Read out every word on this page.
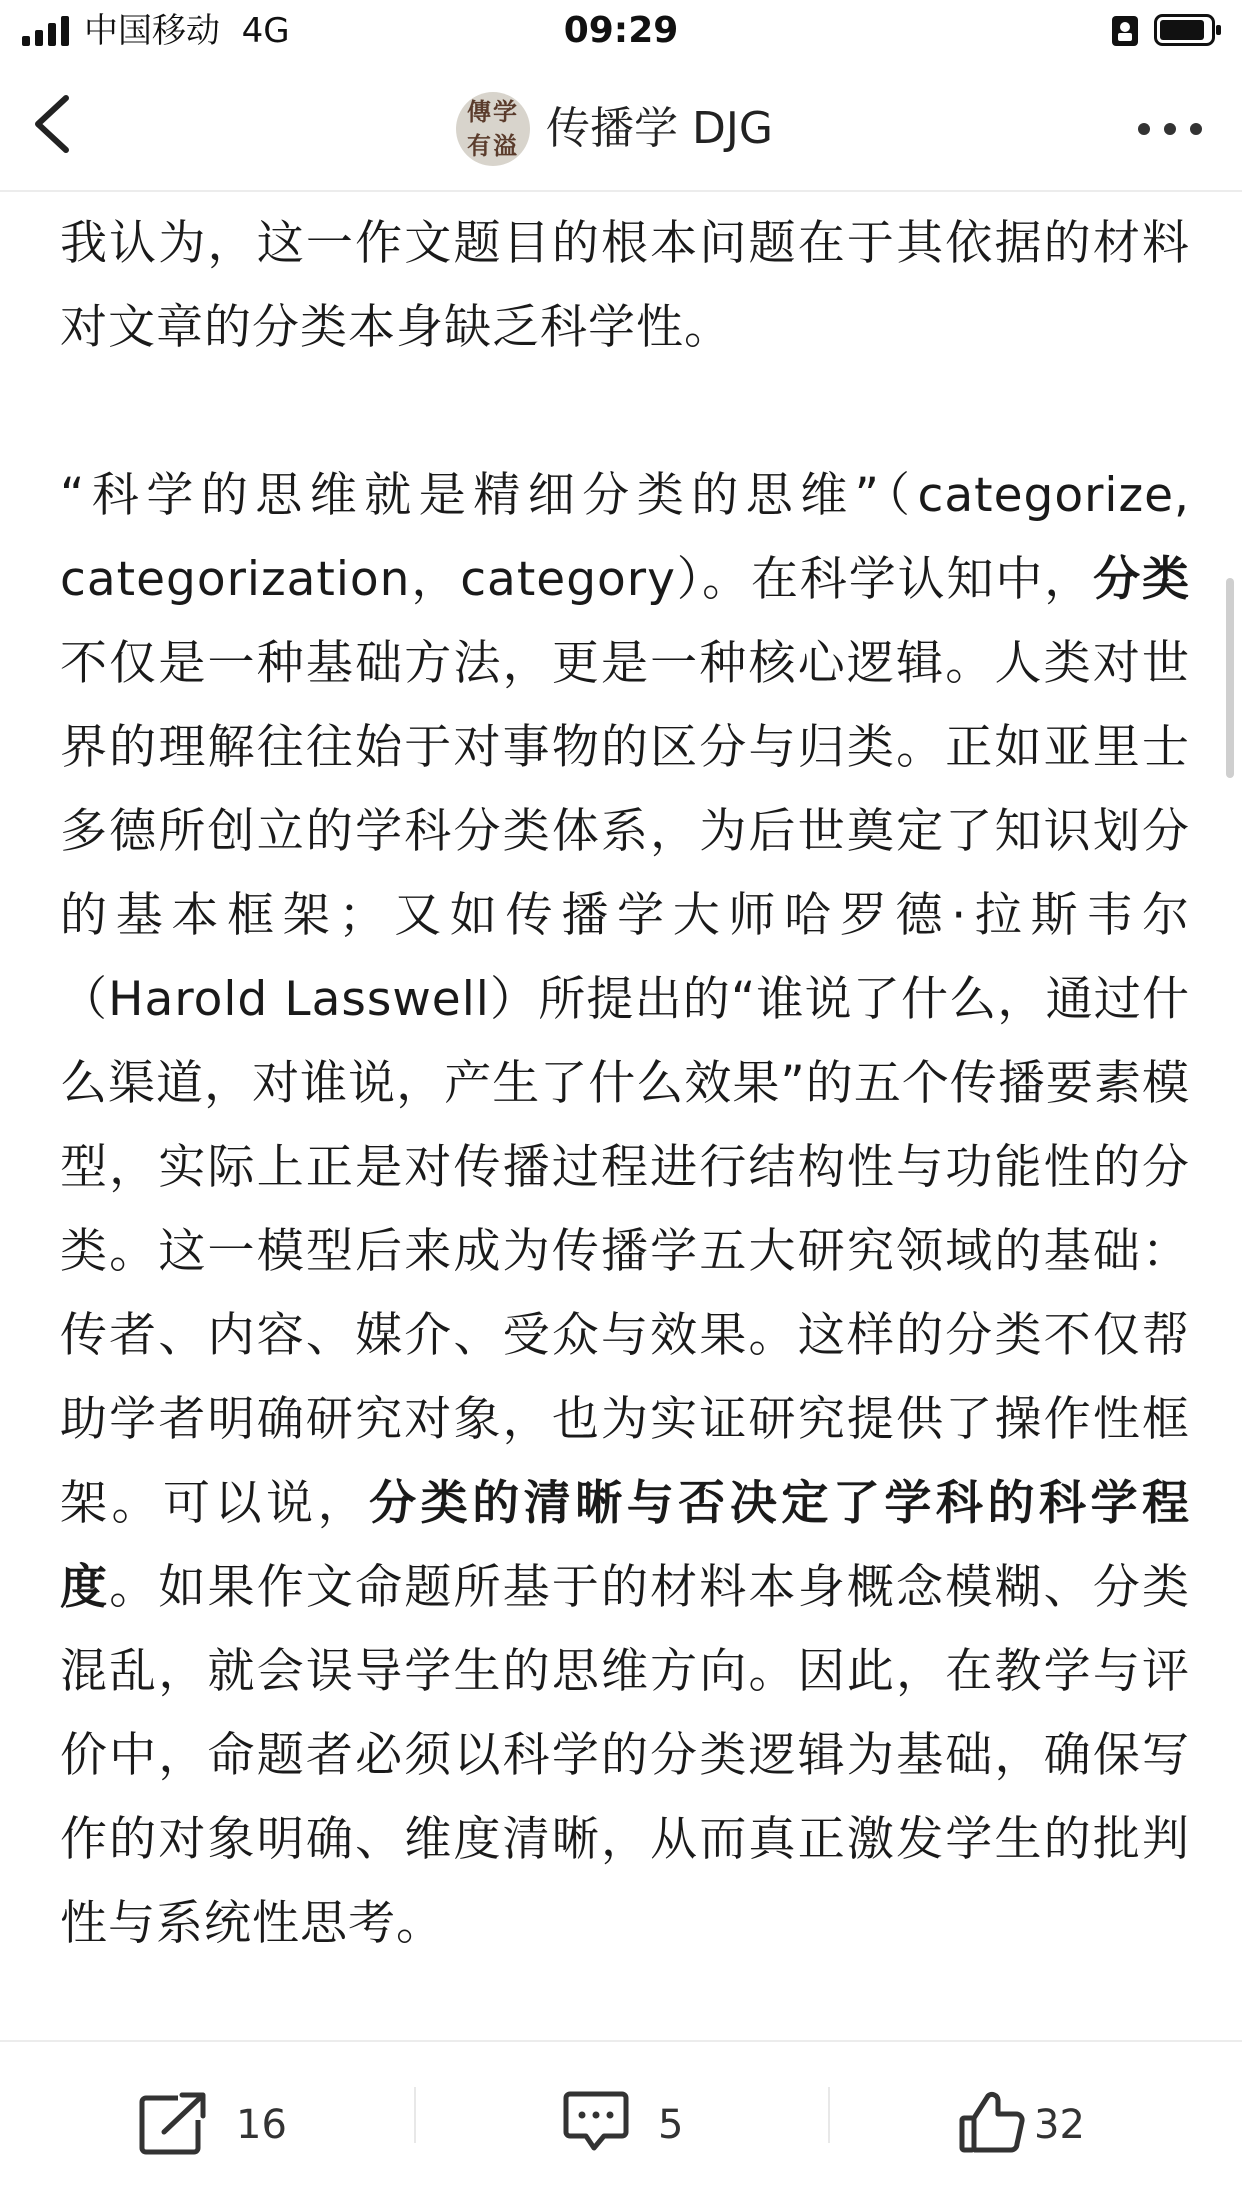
中国移动 4G	09:29
傳学有溢 传播学 DJG

我认为，这一作文题目的根本问题在于其依据的材料对文章的分类本身缺乏科学性。

“科学的思维就是精细分类的思维”（categorize, categorization，category）。在科学认知中，分类不仅是一种基础方法，更是一种核心逻辑。人类对世界的理解往往始于对事物的区分与归类。正如亚里士多德所创立的学科分类体系，为后世奠定了知识划分的基本框架；又如传播学大师哈罗德·拉斯韦尔（Harold Lasswell）所提出的“谁说了什么，通过什么渠道，对谁说，产生了什么效果”的五个传播要素模型，实际上正是对传播过程进行结构性与功能性的分类。这一模型后来成为传播学五大研究领域的基础：传者、内容、媒介、受众与效果。这样的分类不仅帮助学者明确研究对象，也为实证研究提供了操作性框架。可以说，分类的清晰与否决定了学科的科学程度。如果作文命题所基于的材料本身概念模糊、分类混乱，就会误导学生的思维方向。因此，在教学与评价中，命题者必须以科学的分类逻辑为基础，确保写作的对象明确、维度清晰，从而真正激发学生的批判性与系统性思考。

16	5	32
